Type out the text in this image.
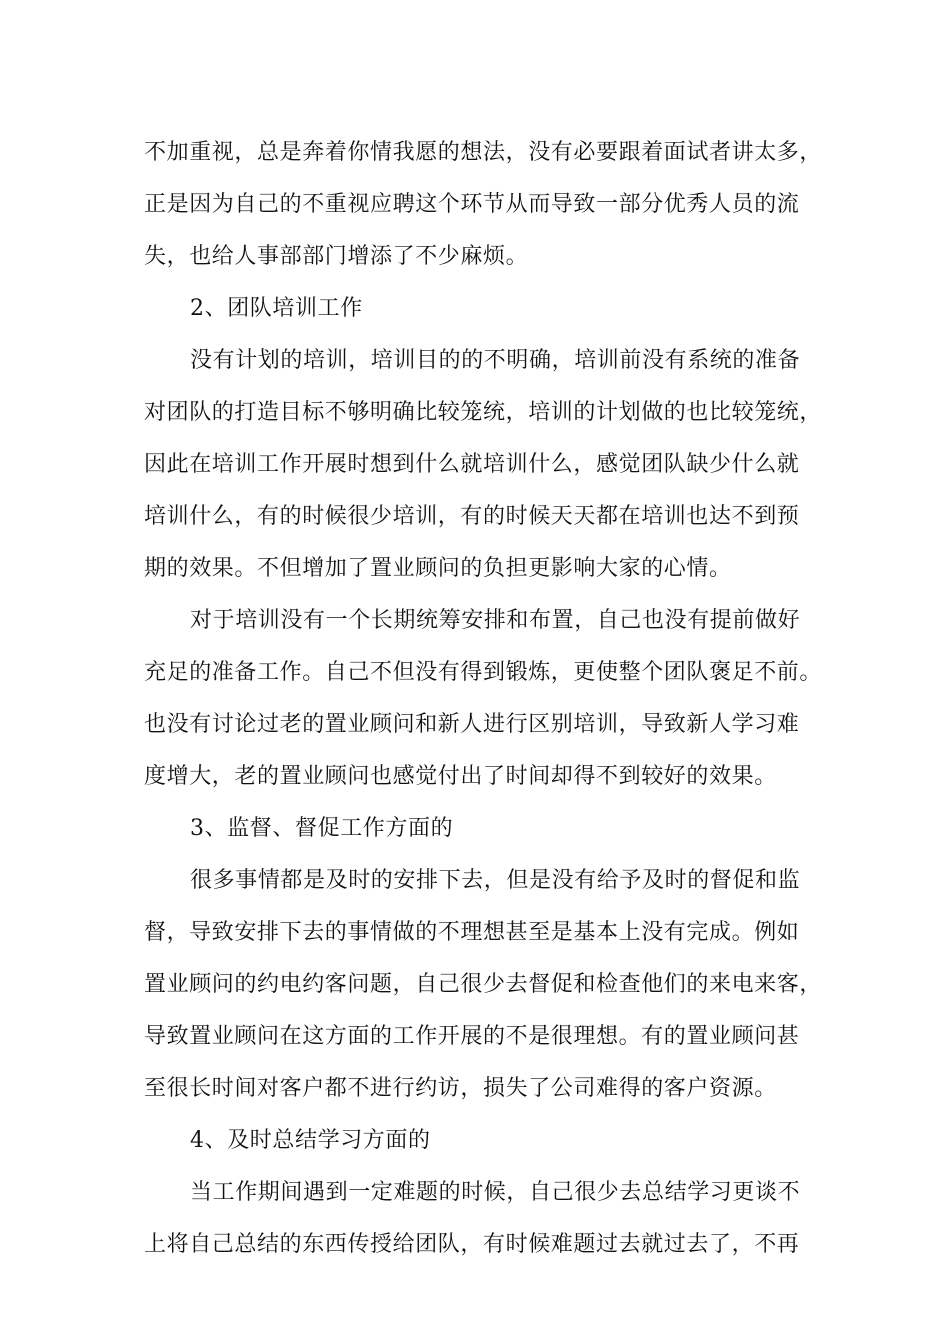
不加重视，总是奔着你情我愿的想法，没有必要跟着面试者讲太多，
正是因为自己的不重视应聘这个环节从而导致一部分优秀人员的流
失，也给人事部部门增添了不少麻烦。
2、团队培训工作
没有计划的培训，培训目的的不明确，培训前没有系统的准备
对团队的打造目标不够明确比较笼统，培训的计划做的也比较笼统，
因此在培训工作开展时想到什么就培训什么，感觉团队缺少什么就
培训什么，有的时候很少培训，有的时候天天都在培训也达不到预
期的效果。不但增加了置业顾问的负担更影响大家的心情。
对于培训没有一个长期统筹安排和布置，自己也没有提前做好
充足的准备工作。自己不但没有得到锻炼，更使整个团队褒足不前。
也没有讨论过老的置业顾问和新人进行区别培训，导致新人学习难
度增大，老的置业顾问也感觉付出了时间却得不到较好的效果。
3、监督、督促工作方面的
很多事情都是及时的安排下去，但是没有给予及时的督促和监
督，导致安排下去的事情做的不理想甚至是基本上没有完成。例如
置业顾问的约电约客问题，自己很少去督促和检查他们的来电来客，
导致置业顾问在这方面的工作开展的不是很理想。有的置业顾问甚
至很长时间对客户都不进行约访，损失了公司难得的客户资源。
4、及时总结学习方面的
当工作期间遇到一定难题的时候，自己很少去总结学习更谈不
上将自己总结的东西传授给团队，有时候难题过去就过去了，不再
